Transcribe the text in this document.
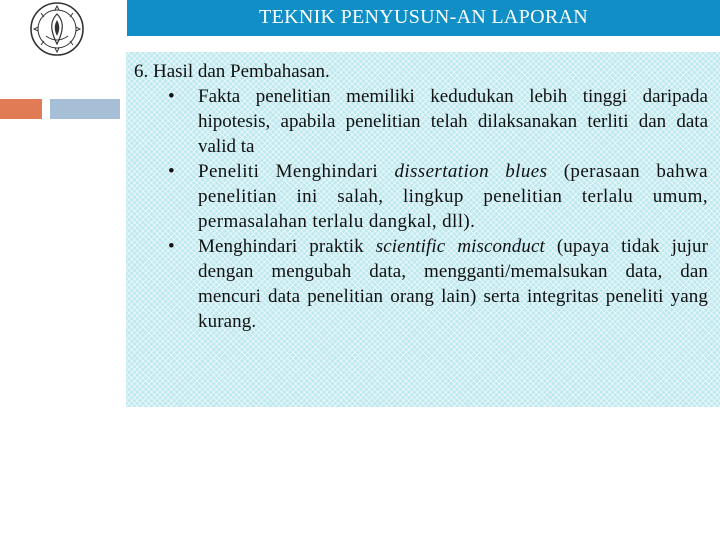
TEKNIK PENYUSUN-AN LAPORAN
6. Hasil dan Pembahasan.
• Fakta penelitian memiliki kedudukan lebih tinggi daripada hipotesis, apabila penelitian telah dilaksanakan terliti dan data valid ta
• Peneliti Menghindari dissertation blues (perasaan bahwa penelitian ini salah, lingkup penelitian terlalu umum, permasalahan terlalu dangkal, dll).
• Menghindari praktik scientific misconduct (upaya tidak jujur dengan mengubah data, mengganti/memalsukan data, dan mencuri data penelitian orang lain) serta integritas peneliti yang kurang.
